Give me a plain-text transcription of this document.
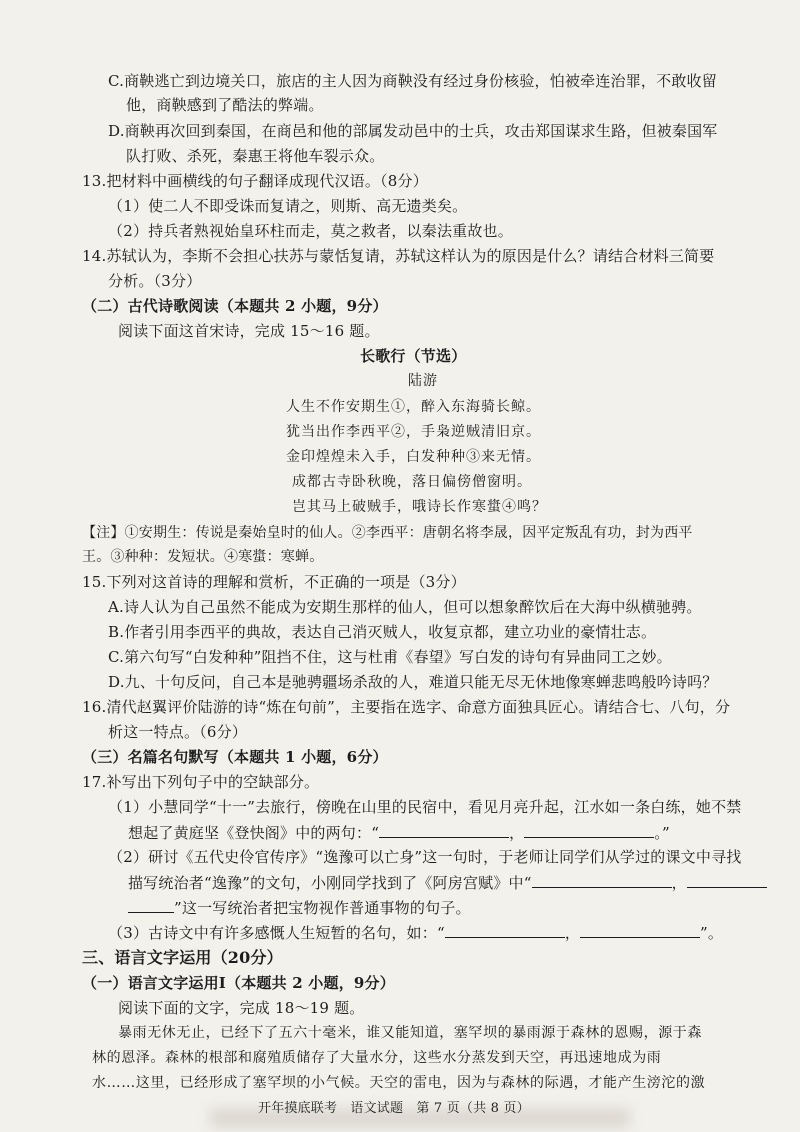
C.商鞅逃亡到边境关口，旅店的主人因为商鞅没有经过身份核验，怕被牵连治罪，不敢收留
他，商鞅感到了酷法的弊端。
D.商鞅再次回到秦国，在商邑和他的部属发动邑中的士兵，攻击郑国谋求生路，但被秦国军
队打败、杀死，秦惠王将他车裂示众。
13.把材料中画横线的句子翻译成现代汉语。（8分）
（1）使二人不即受诛而复请之，则斯、高无遗类矣。
（2）持兵者熟视始皇环柱而走，莫之救者，以秦法重故也。
14.苏轼认为，李斯不会担心扶苏与蒙恬复请，苏轼这样认为的原因是什么？请结合材料三简要
分析。（3分）
（二）古代诗歌阅读（本题共 2 小题，9分）
阅读下面这首宋诗，完成 15～16 题。
长歌行（节选）
陆游
人生不作安期生①，醉入东海骑长鲸。
犹当出作李西平②，手枭逆贼清旧京。
金印煌煌未入手，白发种种③来无情。
成都古寺卧秋晚，落日偏傍僧窗明。
岂其马上破贼手，哦诗长作寒螀④鸣？
【注】①安期生：传说是秦始皇时的仙人。②李西平：唐朝名将李晟，因平定叛乱有功，封为西平
王。③种种：发短状。④寒螀：寒蝉。
15.下列对这首诗的理解和赏析，不正确的一项是（3分）
A.诗人认为自己虽然不能成为安期生那样的仙人，但可以想象醉饮后在大海中纵横驰骋。
B.作者引用李西平的典故，表达自己消灭贼人，收复京都，建立功业的豪情壮志。
C.第六句写“白发种种”阻挡不住，这与杜甫《春望》写白发的诗句有异曲同工之妙。
D.九、十句反问，自己本是驰骋疆场杀敌的人，难道只能无尽无休地像寒蝉悲鸣般吟诗吗？
16.清代赵翼评价陆游的诗“炼在句前”，主要指在选字、命意方面独具匠心。请结合七、八句，分
析这一特点。（6分）
（三）名篇名句默写（本题共 1 小题，6分）
17.补写出下列句子中的空缺部分。
（1）小慧同学“十一”去旅行，傍晚在山里的民宿中，看见月亮升起，江水如一条白练，她不禁
想起了黄庭坚《登快阁》中的两句：“	，	。”
（2）研讨《五代史伶官传序》“逸豫可以亡身”这一句时，于老师让同学们从学过的课文中寻找
描写统治者“逸豫”的文句，小刚同学找到了《阿房宫赋》中“	，
”这一写统治者把宝物视作普通事物的句子。
（3）古诗文中有许多感慨人生短暂的名句，如：“	，	”。
三、语言文字运用（20分）
（一）语言文字运用Ⅰ（本题共 2 小题，9分）
阅读下面的文字，完成 18～19 题。
暴雨无休无止，已经下了五六十毫米，谁又能知道，塞罕坝的暴雨源于森林的恩赐，源于森
林的恩泽。森林的根部和腐殖质储存了大量水分，这些水分蒸发到天空，再迅速地成为雨
水……这里，已经形成了塞罕坝的小气候。天空的雷电，因为与森林的际遇，才能产生滂沱的激
开年摸底联考　语文试题　第 7 页（共 8 页）
